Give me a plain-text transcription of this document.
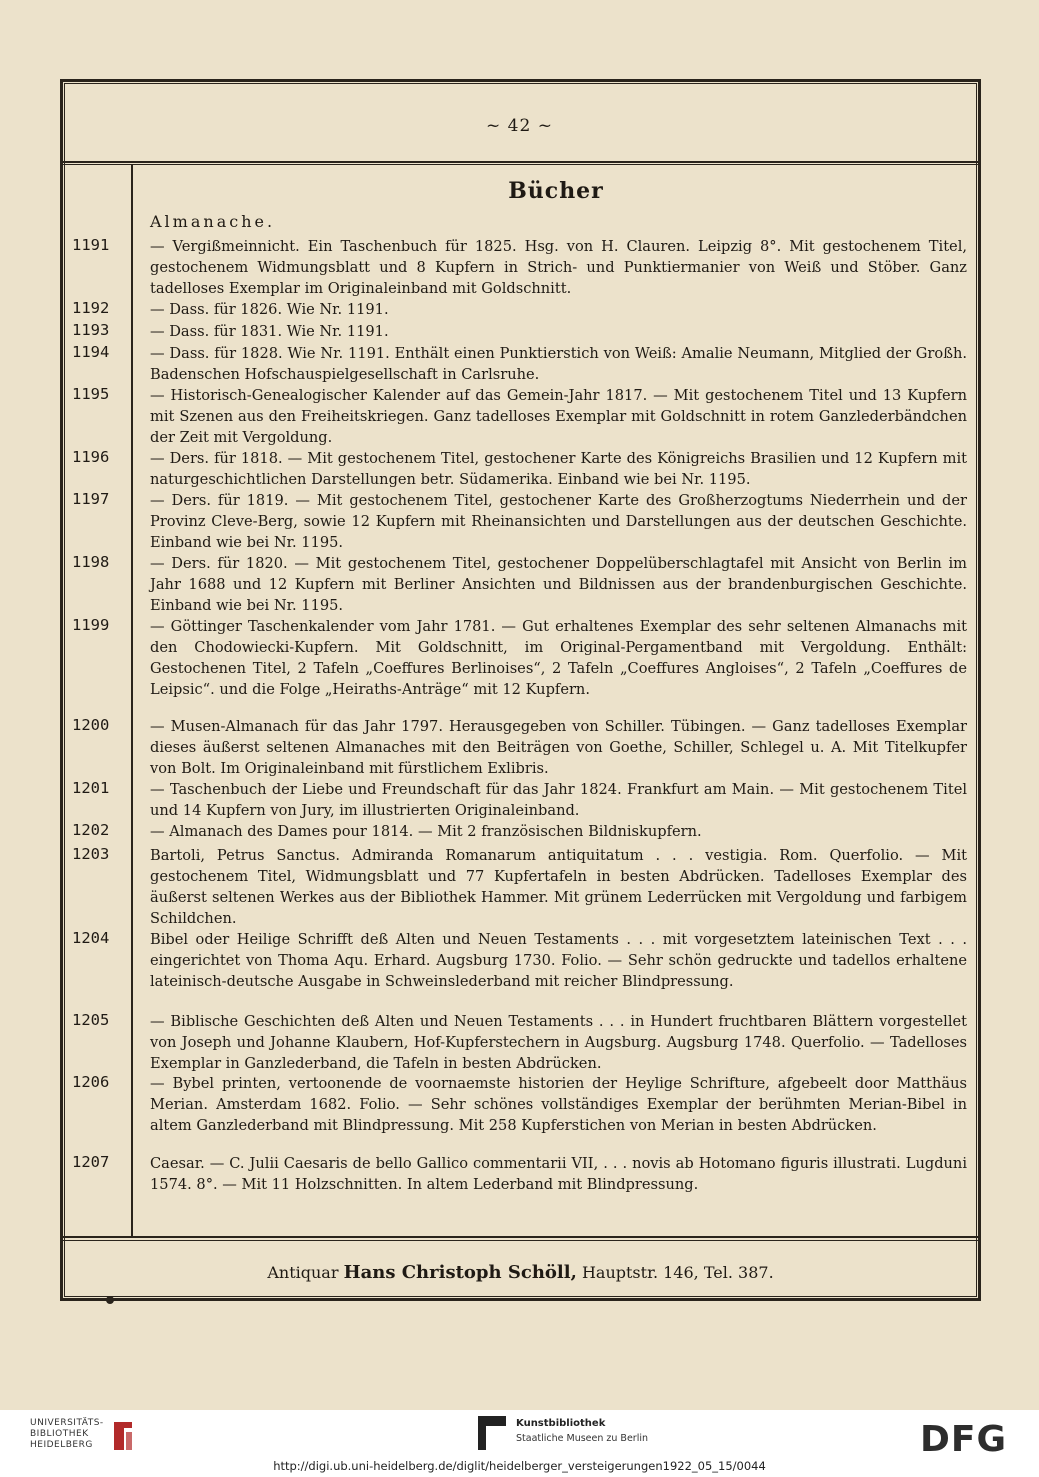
~ 42 ~
Bücher
Almanache.
1191	— Vergißmeinnicht. Ein Taschenbuch für 1825. Hsg. von H. Clauren. Leipzig 8°. Mit gestochenem Titel, gestochenem Widmungsblatt und 8 Kupfern in Strich- und Punktiermanier von Weiß und Stöber. Ganz tadelloses Exemplar im Originaleinband mit Goldschnitt.
1192	— Dass. für 1826. Wie Nr. 1191.
1193	— Dass. für 1831. Wie Nr. 1191.
1194	— Dass. für 1828. Wie Nr. 1191. Enthält einen Punktierstich von Weiß: Amalie Neumann, Mitglied der Großh. Badenschen Hofschauspielgesellschaft in Carlsruhe.
1195	— Historisch-Genealogischer Kalender auf das Gemein-Jahr 1817. — Mit gestochenem Titel und 13 Kupfern mit Szenen aus den Freiheitskriegen. Ganz tadelloses Exemplar mit Goldschnitt in rotem Ganzlederbändchen der Zeit mit Vergoldung.
1196	— Ders. für 1818. — Mit gestochenem Titel, gestochener Karte des Königreichs Brasilien und 12 Kupfern mit naturgeschichtlichen Darstellungen betr. Südamerika. Einband wie bei Nr. 1195.
1197	— Ders. für 1819. — Mit gestochenem Titel, gestochener Karte des Großherzogtums Niederrhein und der Provinz Cleve-Berg, sowie 12 Kupfern mit Rheinansichten und Darstellungen aus der deutschen Geschichte. Einband wie bei Nr. 1195.
1198	— Ders. für 1820. — Mit gestochenem Titel, gestochener Doppelüberschlagtafel mit Ansicht von Berlin im Jahr 1688 und 12 Kupfern mit Berliner Ansichten und Bildnissen aus der brandenburgischen Geschichte. Einband wie bei Nr. 1195.
1199	— Göttinger Taschenkalender vom Jahr 1781. — Gut erhaltenes Exemplar des sehr seltenen Almanachs mit den Chodowiecki-Kupfern. Mit Goldschnitt, im Original-Pergamentband mit Vergoldung. Enthält: Gestochenen Titel, 2 Tafeln „Coeffures Berlinoises“, 2 Tafeln „Coeffures Angloises“, 2 Tafeln „Coeffures de Leipsic“. und die Folge „Heiraths-Anträge“ mit 12 Kupfern.
1200	— Musen-Almanach für das Jahr 1797. Herausgegeben von Schiller. Tübingen. — Ganz tadelloses Exemplar dieses äußerst seltenen Almanaches mit den Beiträgen von Goethe, Schiller, Schlegel u. A. Mit Titelkupfer von Bolt. Im Originaleinband mit fürstlichem Exlibris.
1201	— Taschenbuch der Liebe und Freundschaft für das Jahr 1824. Frankfurt am Main. — Mit gestochenem Titel und 14 Kupfern von Jury, im illustrierten Originaleinband.
1202	— Almanach des Dames pour 1814. — Mit 2 französischen Bildniskupfern.
1203	Bartoli, Petrus Sanctus. Admiranda Romanarum antiquitatum . . . vestigia. Rom. Querfolio. — Mit gestochenem Titel, Widmungsblatt und 77 Kupfertafeln in besten Abdrücken. Tadelloses Exemplar des äußerst seltenen Werkes aus der Bibliothek Hammer. Mit grünem Lederrücken mit Vergoldung und farbigem Schildchen.
1204	Bibel oder Heilige Schrifft deß Alten und Neuen Testaments . . . mit vorgesetztem lateinischen Text . . . eingerichtet von Thoma Aqu. Erhard. Augsburg 1730. Folio. — Sehr schön gedruckte und tadellos erhaltene lateinisch-deutsche Ausgabe in Schweinslederband mit reicher Blindpressung.
1205	— Biblische Geschichten deß Alten und Neuen Testaments . . . in Hundert fruchtbaren Blättern vorgestellet von Joseph und Johanne Klaubern, Hof-Kupferstechern in Augsburg. Augsburg 1748. Querfolio. — Tadelloses Exemplar in Ganzlederband, die Tafeln in besten Abdrücken.
1206	— Bybel printen, vertoonende de voornaemste historien der Heylige Schrifture, afgebeelt door Matthäus Merian. Amsterdam 1682. Folio. — Sehr schönes vollständiges Exemplar der berühmten Merian-Bibel in altem Ganzlederband mit Blindpressung. Mit 258 Kupferstichen von Merian in besten Abdrücken.
1207	Caesar. — C. Julii Caesaris de bello Gallico commentarii VII, . . . novis ab Hotomano figuris illustrati. Lugduni 1574. 8°. — Mit 11 Holzschnitten. In altem Lederband mit Blindpressung.
Antiquar Hans Christoph Schöll, Hauptstr. 146, Tel. 387.
UNIVERSITÄTS-
BIBLIOTHEK
HEIDELBERG
Kunstbibliothek
Staatliche Museen zu Berlin	DFG
http://digi.ub.uni-heidelberg.de/diglit/heidelberger_versteigerungen1922_05_15/0044
